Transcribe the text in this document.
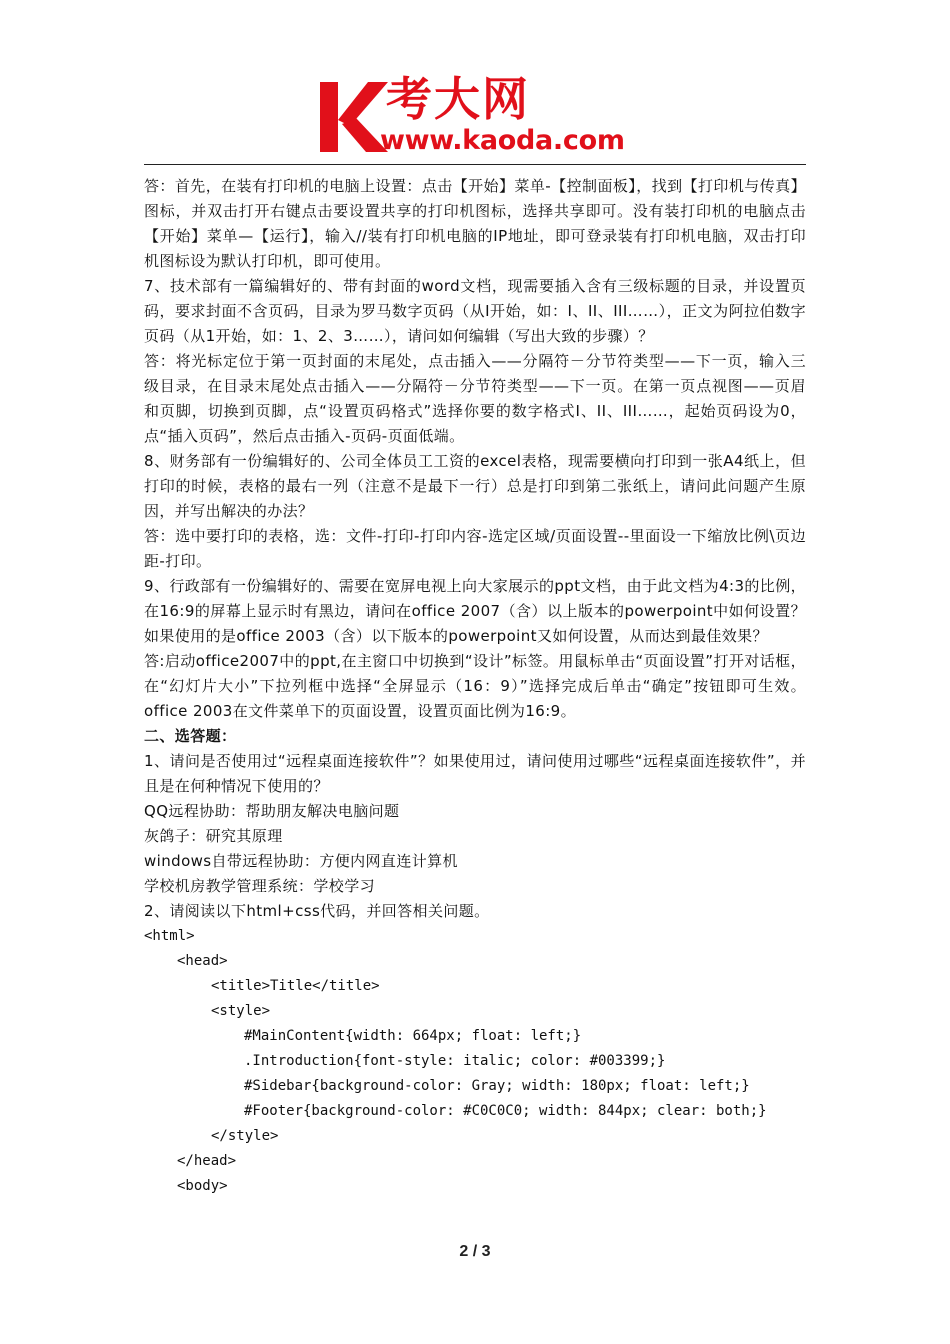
考大网
www.kaoda.com

答：首先，在装有打印机的电脑上设置：点击【开始】菜单-【控制面板】，找到【打印机与传真】图标，并双击打开右键点击要设置共享的打印机图标，选择共享即可。没有装打印机的电脑点击【开始】菜单—【运行】，输入//装有打印机电脑的IP地址，即可登录装有打印机电脑，双击打印机图标设为默认打印机，即可使用。

7、技术部有一篇编辑好的、带有封面的word文档，现需要插入含有三级标题的目录，并设置页码，要求封面不含页码，目录为罗马数字页码（从I开始，如：I、II、III……），正文为阿拉伯数字页码（从1开始，如：1、2、3……），请问如何编辑（写出大致的步骤）？

答：将光标定位于第一页封面的末尾处，点击插入——分隔符－分节符类型——下一页，输入三级目录，在目录末尾处点击插入——分隔符－分节符类型——下一页。在第一页点视图——页眉和页脚，切换到页脚，点“设置页码格式”选择你要的数字格式I、II、III……，起始页码设为0，点“插入页码”，然后点击插入-页码-页面低端。

8、财务部有一份编辑好的、公司全体员工工资的excel表格，现需要横向打印到一张A4纸上，但打印的时候，表格的最右一列（注意不是最下一行）总是打印到第二张纸上，请问此问题产生原因，并写出解决的办法？

答：选中要打印的表格，选：文件-打印-打印内容-选定区域/页面设置--里面设一下缩放比例\页边距-打印。

9、行政部有一份编辑好的、需要在宽屏电视上向大家展示的ppt文档，由于此文档为4:3的比例，在16:9的屏幕上显示时有黑边，请问在office 2007（含）以上版本的powerpoint中如何设置？如果使用的是office 2003（含）以下版本的powerpoint又如何设置，从而达到最佳效果？

答:启动office2007中的ppt,在主窗口中切换到“设计”标签。用鼠标单击“页面设置”打开对话框，在“幻灯片大小”下拉列框中选择“全屏显示（16：9）”选择完成后单击“确定”按钮即可生效。office 2003在文件菜单下的页面设置，设置页面比例为16:9。

二、选答题：

1、请问是否使用过“远程桌面连接软件”？如果使用过，请问使用过哪些“远程桌面连接软件”，并且是在何种情况下使用的？

QQ远程协助：帮助朋友解决电脑问题

灰鸽子：研究其原理

windows自带远程协助：方便内网直连计算机

学校机房教学管理系统：学校学习

2、请阅读以下html+css代码，并回答相关问题。

<html>

<head>

<title>Title</title>

<style>

#MainContent{width: 664px; float: left;}

.Introduction{font-style: italic; color: #003399;}

#Sidebar{background-color: Gray; width: 180px; float: left;}

#Footer{background-color: #C0C0C0; width: 844px; clear: both;}

</style>

</head>

<body>

2 / 3
